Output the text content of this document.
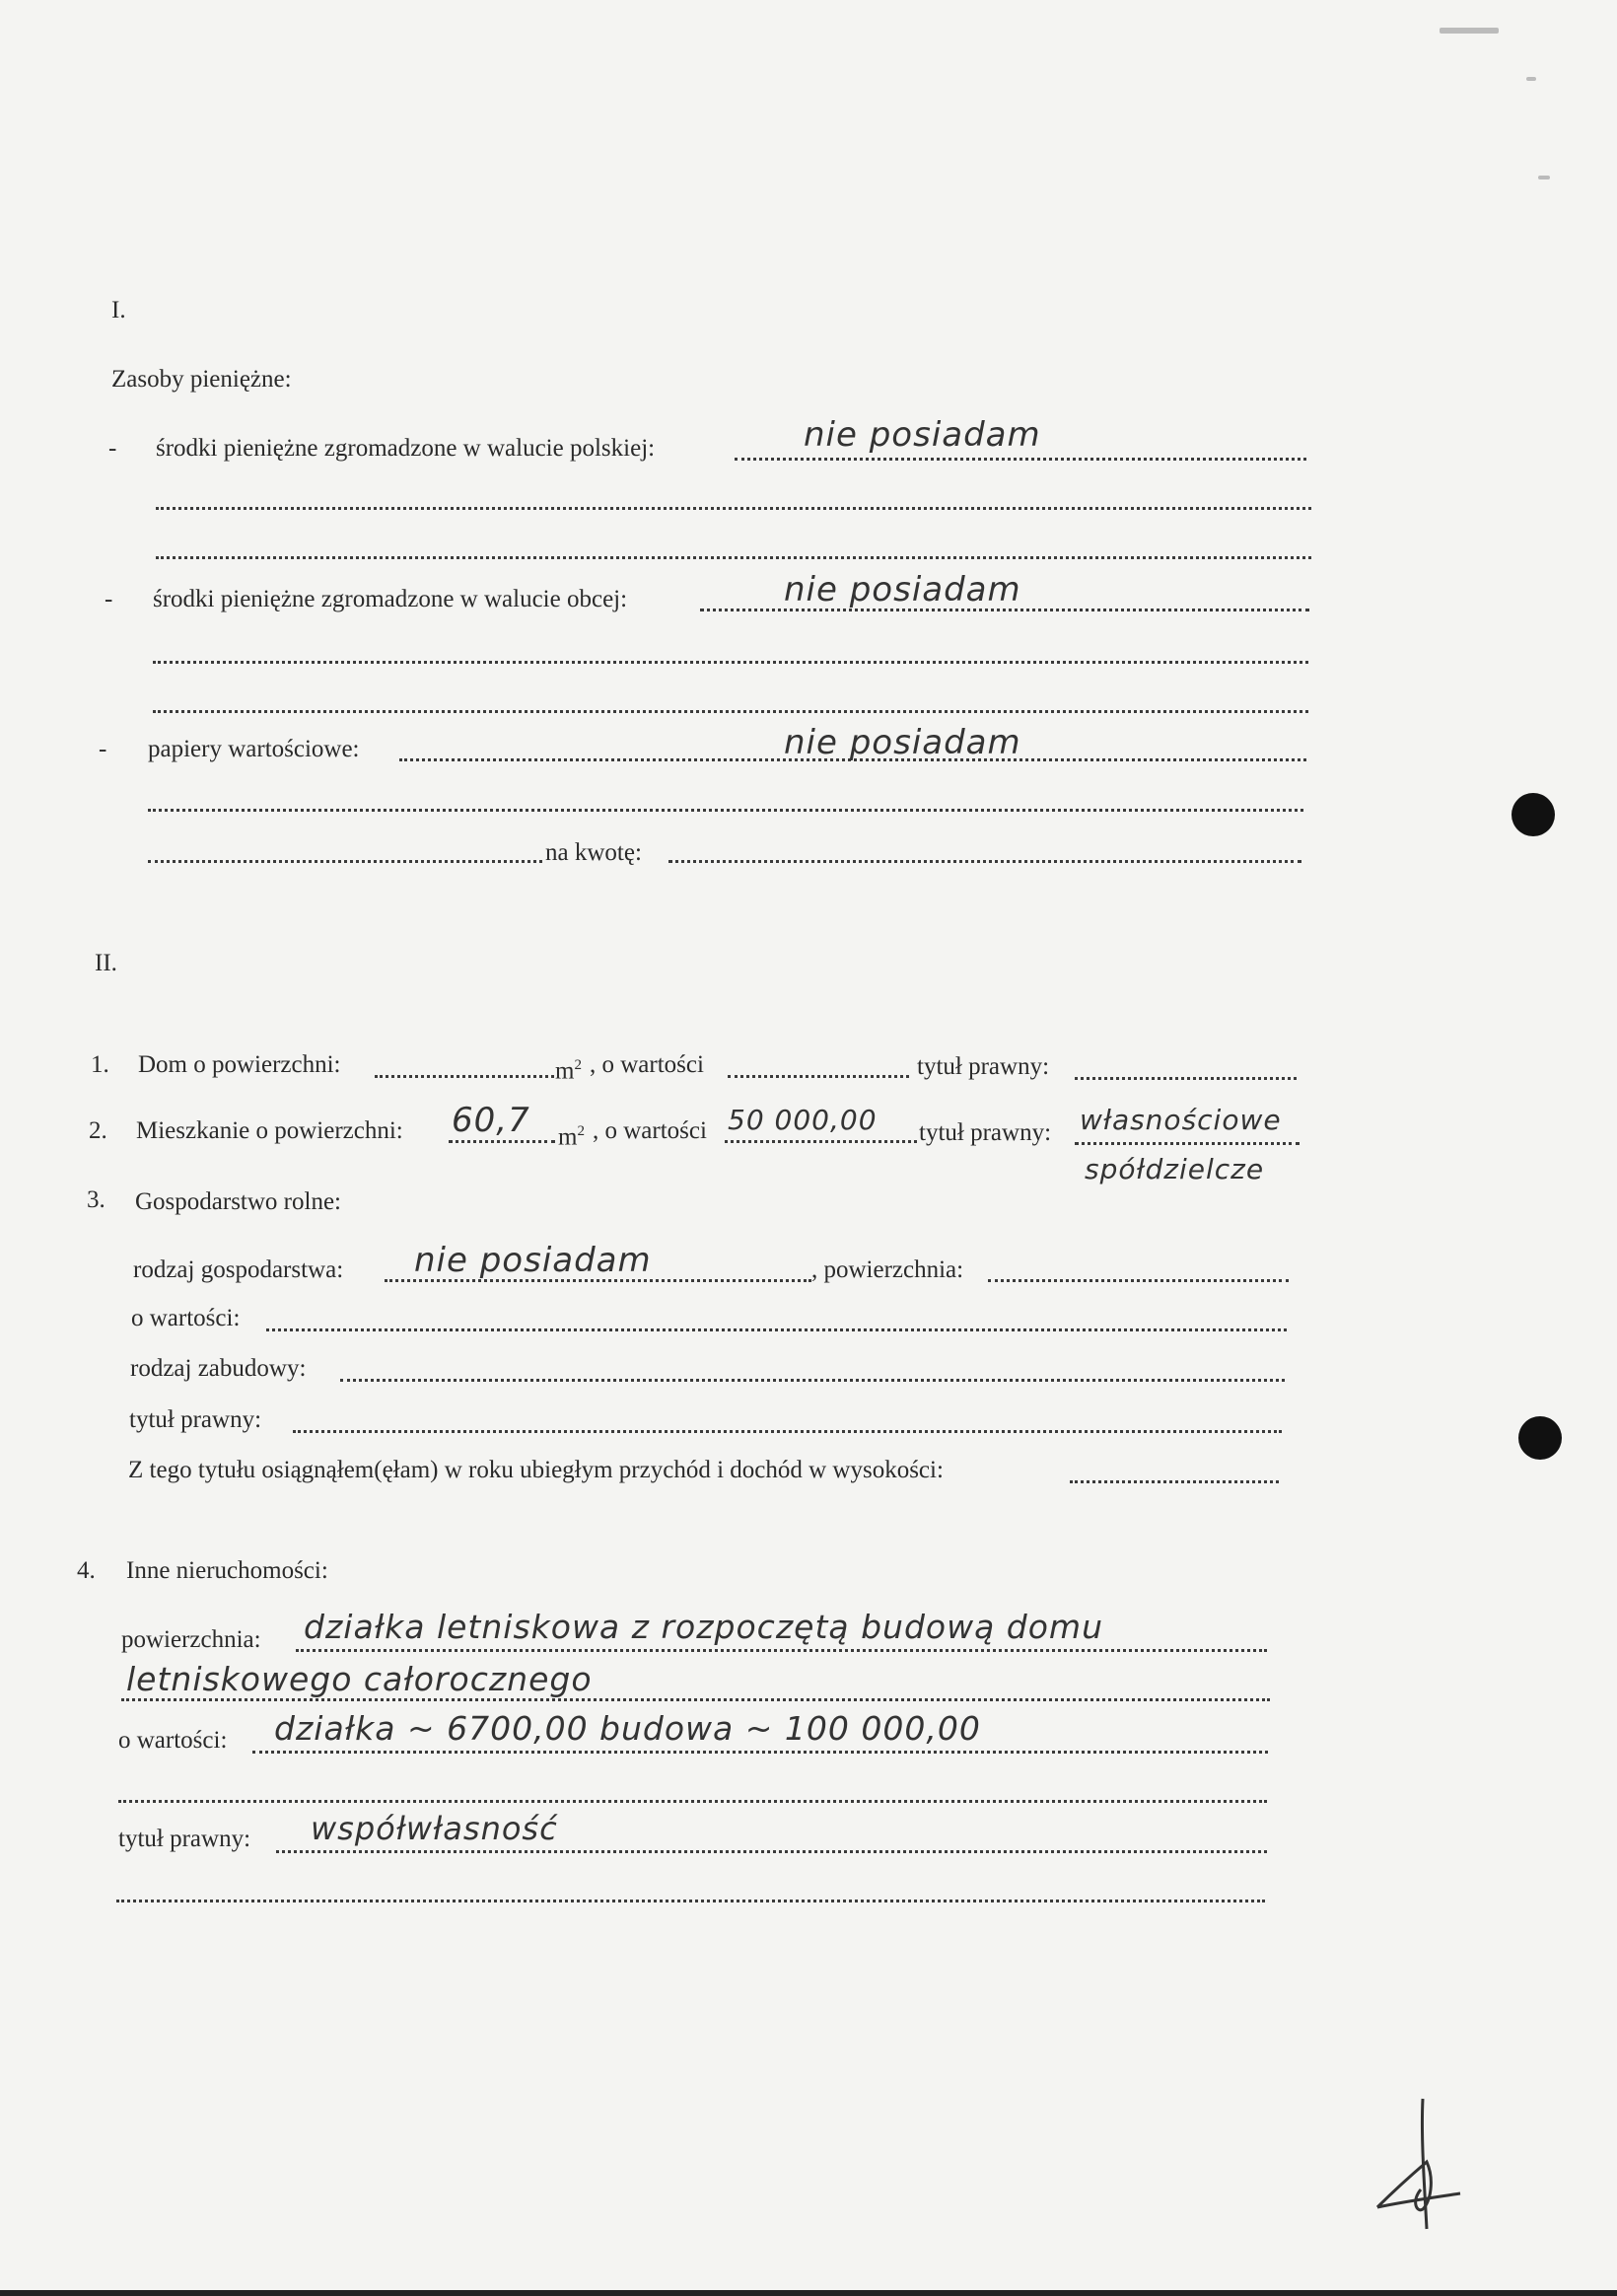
I.
Zasoby pieniężne:
- środki pieniężne zgromadzone w walucie polskiej:	nie posiadam
- środki pieniężne zgromadzone w walucie obcej:	nie posiadam
- papiery wartościowe:	nie posiadam
na kwotę:
II.
1. Dom o powierzchni:	$m^2$ , o wartości	tytuł prawny:
2. Mieszkanie o powierzchni: 60,7 $m^2$ , o wartości 50 000,00 tytuł prawny: własnościowe
spółdzielcze
3. Gospodarstwo rolne:
rodzaj gospodarstwa: nie posiadam	, powierzchnia:
o wartości:
rodzaj zabudowy:
tytuł prawny:
Z tego tytułu osiągnąłem(ęłam) w roku ubiegłym przychód i dochód w wysokości:
4. Inne nieruchomości:
powierzchnia: działka letniskowa z rozpoczętą budową domu
letniskowego całorocznego
o wartości: działka ~ 6700,00 budowa ~ 100 000,00
tytuł prawny: współwłasność
